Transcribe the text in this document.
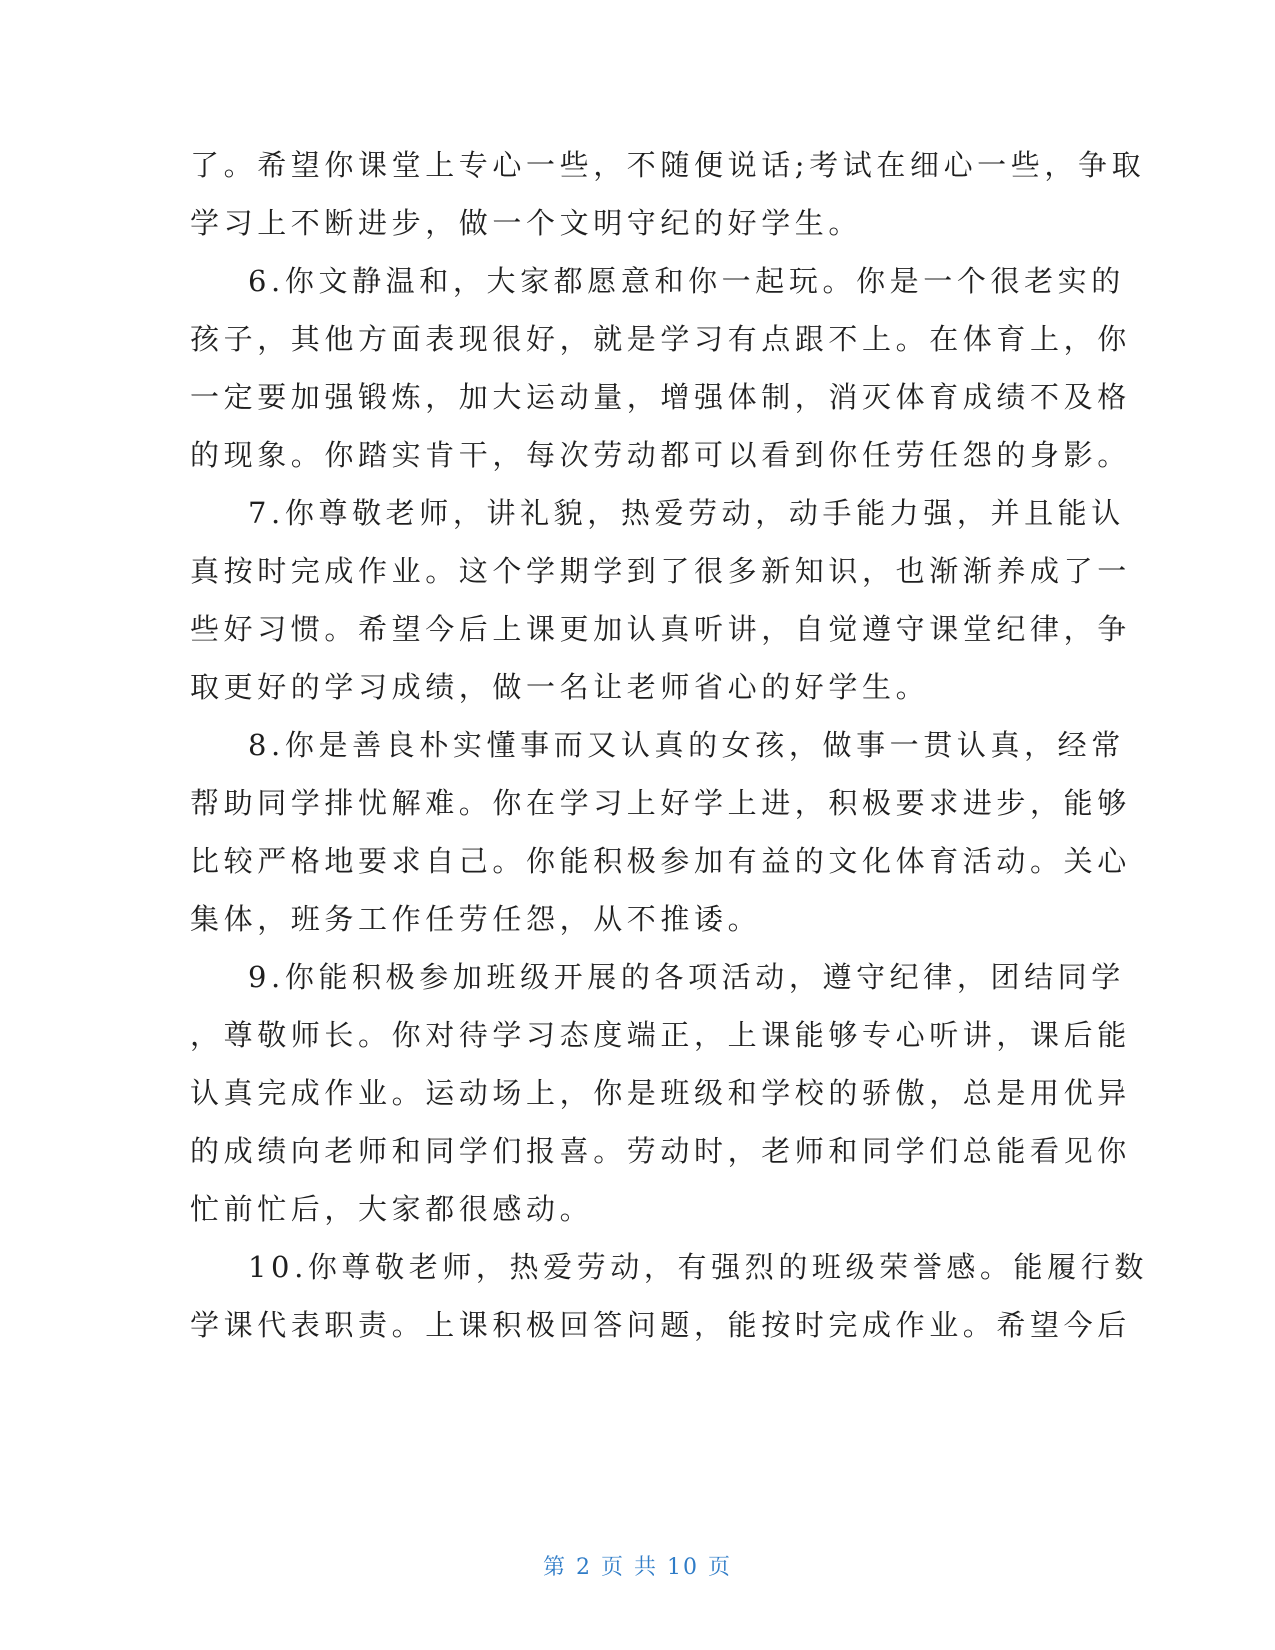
了。希望你课堂上专心一些，不随便说话;考试在细心一些，争取
学习上不断进步，做一个文明守纪的好学生。
6.你文静温和，大家都愿意和你一起玩。你是一个很老实的
孩子，其他方面表现很好，就是学习有点跟不上。在体育上，你
一定要加强锻炼，加大运动量，增强体制，消灭体育成绩不及格
的现象。你踏实肯干，每次劳动都可以看到你任劳任怨的身影。
7.你尊敬老师，讲礼貌，热爱劳动，动手能力强，并且能认
真按时完成作业。这个学期学到了很多新知识，也渐渐养成了一
些好习惯。希望今后上课更加认真听讲，自觉遵守课堂纪律，争
取更好的学习成绩，做一名让老师省心的好学生。
8.你是善良朴实懂事而又认真的女孩，做事一贯认真，经常
帮助同学排忧解难。你在学习上好学上进，积极要求进步，能够
比较严格地要求自己。你能积极参加有益的文化体育活动。关心
集体，班务工作任劳任怨，从不推诿。
9.你能积极参加班级开展的各项活动，遵守纪律，团结同学
，尊敬师长。你对待学习态度端正，上课能够专心听讲，课后能
认真完成作业。运动场上，你是班级和学校的骄傲，总是用优异
的成绩向老师和同学们报喜。劳动时，老师和同学们总能看见你
忙前忙后，大家都很感动。
10.你尊敬老师，热爱劳动，有强烈的班级荣誉感。能履行数
学课代表职责。上课积极回答问题，能按时完成作业。希望今后
第 2 页 共 10 页
